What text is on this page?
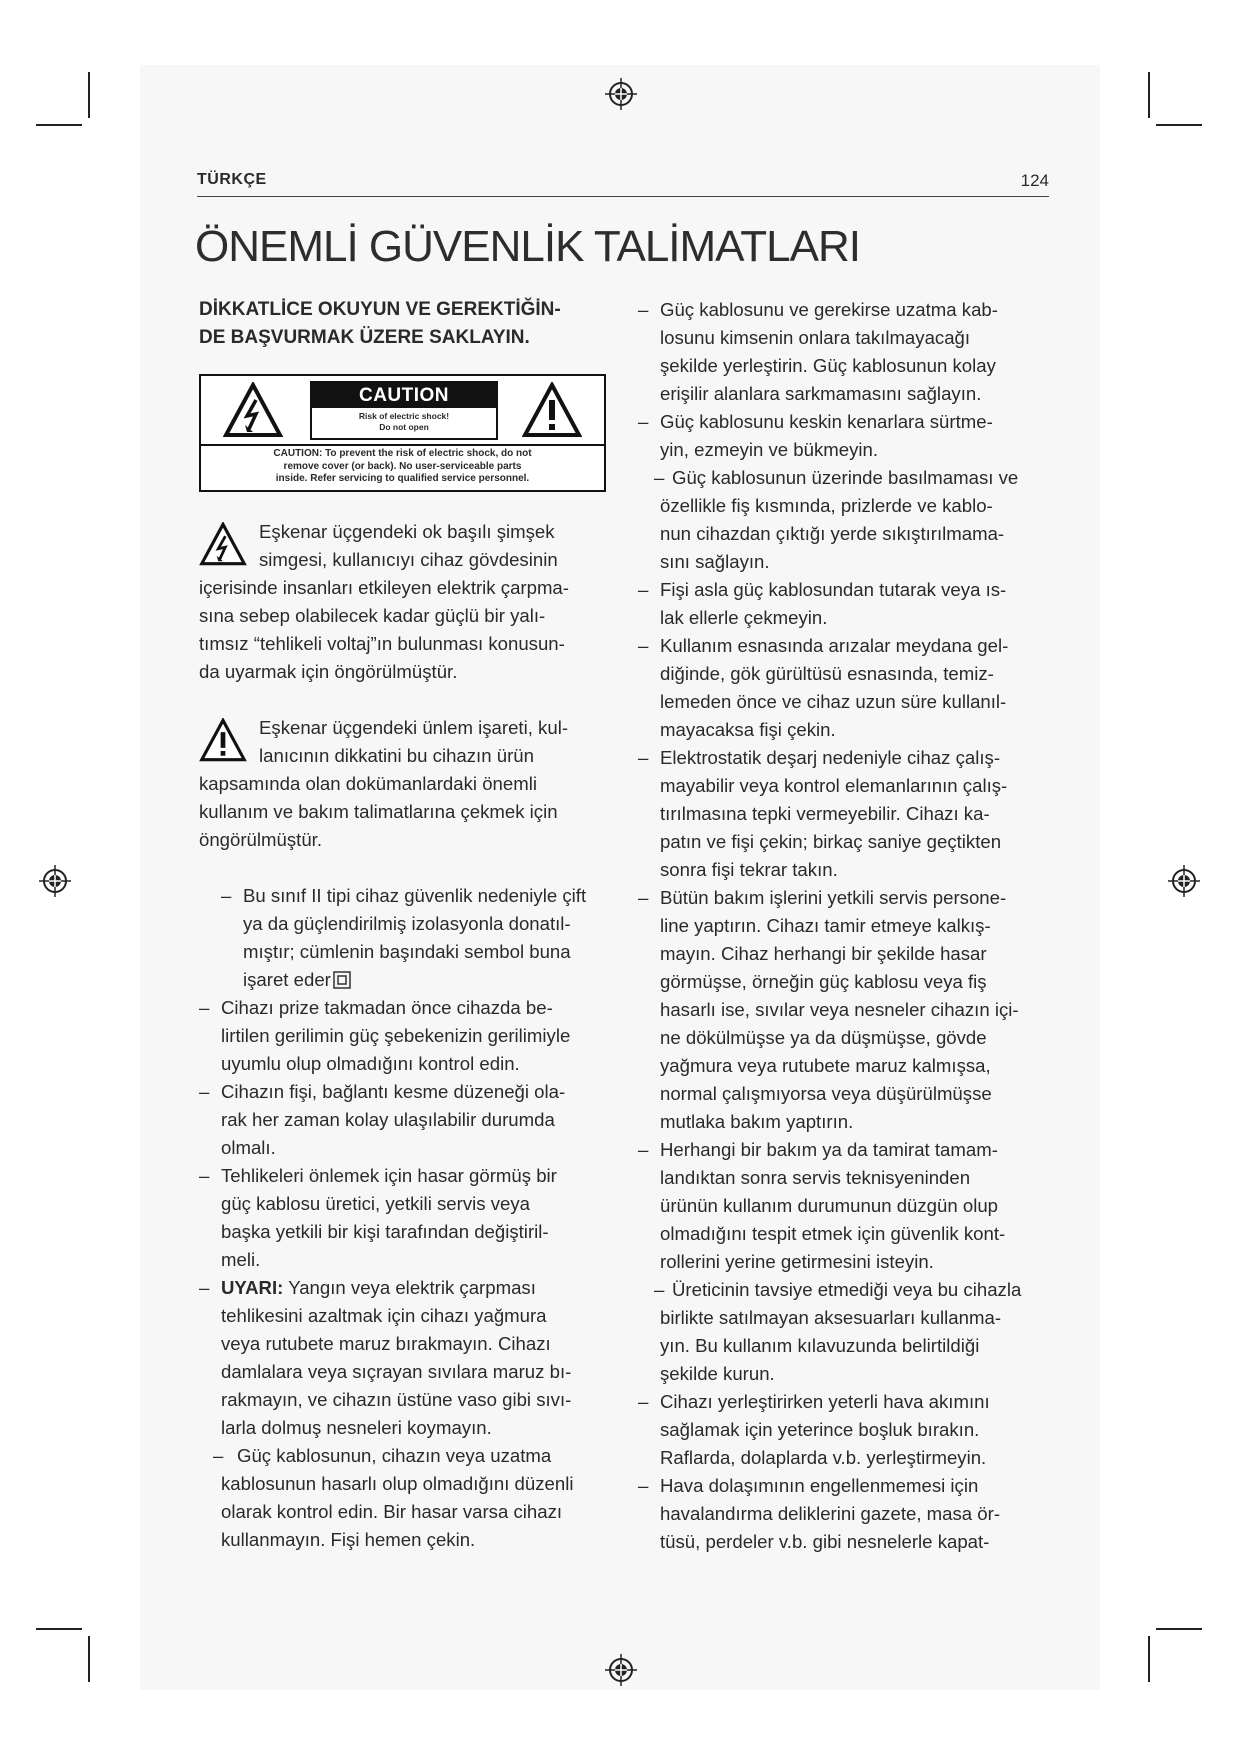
TÜRKÇE	124
ÖNEMLİ GÜVENLİK TALİMATLARI
DİKKATLİCE OKUYUN VE GEREKTİĞİN-
DE BAŞVURMAK ÜZERE SAKLAYIN.
CAUTION
Risk of electric shock!
Do not open
CAUTION: To prevent the risk of electric shock, do not
remove cover (or back). No user-serviceable parts
inside. Refer servicing to qualified service personnel.
Eşkenar üçgendeki ok başılı şimşek
simgesi, kullanıcıyı cihaz gövdesinin
içerisinde insanları etkileyen elektrik çarpma-
sına sebep olabilecek kadar güçlü bir yalı-
tımsız “tehlikeli voltaj”ın bulunması konusun-
da uyarmak için öngörülmüştür.
Eşkenar üçgendeki ünlem işareti, kul-
lanıcının dikkatini bu cihazın ürün
kapsamında olan dokümanlardaki önemli
kullanım ve bakım talimatlarına çekmek için
öngörülmüştür.
– Bu sınıf II tipi cihaz güvenlik nedeniyle çift
ya da güçlendirilmiş izolasyonla donatıl-
mıştır; cümlenin başındaki sembol buna
işaret eder
– Cihazı prize takmadan önce cihazda be-
lirtilen gerilimin güç şebekenizin gerilimiyle
uyumlu olup olmadığını kontrol edin.
– Cihazın fişi, bağlantı kesme düzeneği ola-
rak her zaman kolay ulaşılabilir durumda
olmalı.
– Tehlikeleri önlemek için hasar görmüş bir
güç kablosu üretici, yetkili servis veya
başka yetkili bir kişi tarafından değiştiril-
meli.
– UYARI: Yangın veya elektrik çarpması
tehlikesini azaltmak için cihazı yağmura
veya rutubete maruz bırakmayın. Cihazı
damlalara veya sıçrayan sıvılara maruz bı-
rakmayın, ve cihazın üstüne vaso gibi sıvı-
larla dolmuş nesneleri koymayın.
– Güç kablosunun, cihazın veya uzatma
kablosunun hasarlı olup olmadığını düzenli
olarak kontrol edin. Bir hasar varsa cihazı
kullanmayın. Fişi hemen çekin.
– Güç kablosunu ve gerekirse uzatma kab-
losunu kimsenin onlara takılmayacağı
şekilde yerleştirin. Güç kablosunun kolay
erişilir alanlara sarkmamasını sağlayın.
– Güç kablosunu keskin kenarlara sürtme-
yin, ezmeyin ve bükmeyin.
– Güç kablosunun üzerinde basılmaması ve
özellikle fiş kısmında, prizlerde ve kablo-
nun cihazdan çıktığı yerde sıkıştırılmama-
sını sağlayın.
– Fişi asla güç kablosundan tutarak veya ıs-
lak ellerle çekmeyin.
– Kullanım esnasında arızalar meydana gel-
diğinde, gök gürültüsü esnasında, temiz-
lemeden önce ve cihaz uzun süre kullanıl-
mayacaksa fişi çekin.
– Elektrostatik deşarj nedeniyle cihaz çalış-
mayabilir veya kontrol elemanlarının çalış-
tırılmasına tepki vermeyebilir. Cihazı ka-
patın ve fişi çekin; birkaç saniye geçtikten
sonra fişi tekrar takın.
– Bütün bakım işlerini yetkili servis persone-
line yaptırın. Cihazı tamir etmeye kalkış-
mayın. Cihaz herhangi bir şekilde hasar
görmüşse, örneğin güç kablosu veya fiş
hasarlı ise, sıvılar veya nesneler cihazın içi-
ne dökülmüşse ya da düşmüşse, gövde
yağmura veya rutubete maruz kalmışsa,
normal çalışmıyorsa veya düşürülmüşse
mutlaka bakım yaptırın.
– Herhangi bir bakım ya da tamirat tamam-
landıktan sonra servis teknisyeninden
ürünün kullanım durumunun düzgün olup
olmadığını tespit etmek için güvenlik kont-
rollerini yerine getirmesini isteyin.
– Üreticinin tavsiye etmediği veya bu cihazla
birlikte satılmayan aksesuarları kullanma-
yın. Bu kullanım kılavuzunda belirtildiği
şekilde kurun.
– Cihazı yerleştirirken yeterli hava akımını
sağlamak için yeterince boşluk bırakın.
Raflarda, dolaplarda v.b. yerleştirmeyin.
– Hava dolaşımının engellenmemesi için
havalandırma deliklerini gazete, masa ör-
tüsü, perdeler v.b. gibi nesnelerle kapat-
